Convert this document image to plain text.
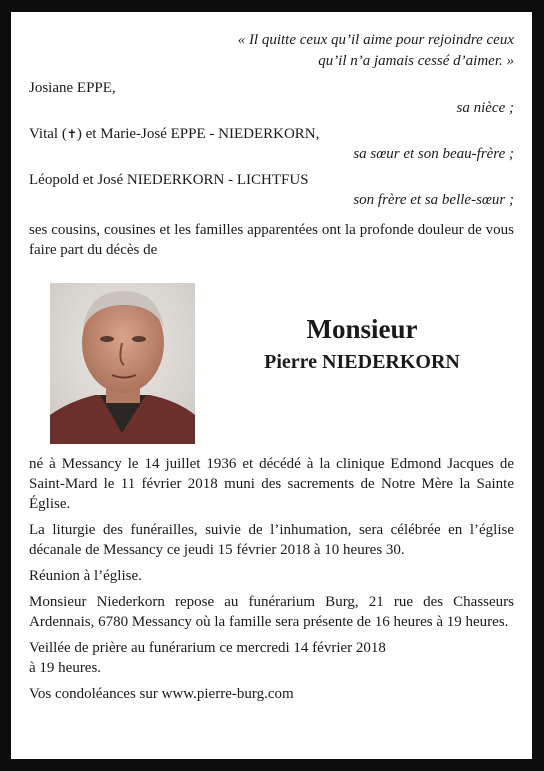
« Il quitte ceux qu’il aime pour rejoindre ceux
qu’il n’a jamais cessé d’aimer. »
Josiane EPPE,
sa nièce ;
Vital (✝) et Marie-José EPPE - NIEDERKORN,
sa sœur et son beau-frère ;
Léopold et José NIEDERKORN - LICHTFUS
son frère et sa belle-sœur ;
ses cousins, cousines et les familles apparentées ont la profonde douleur de vous faire part du décès de
Monsieur
Pierre NIEDERKORN

né à Messancy le 14 juillet 1936 et décédé à la clinique Edmond Jacques de Saint-Mard le 11 février 2018 muni des sacrements de Notre Mère la Sainte Église.

La liturgie des funérailles, suivie de l’inhumation, sera célébrée en l’église décanale de Messancy ce jeudi 15 février 2018 à 10 heures 30.

Réunion à l’église.

Monsieur Niederkorn repose au funérarium Burg, 21 rue des Chasseurs Ardennais, 6780 Messancy où la famille sera présente de 16 heures à 19 heures.

Veillée de prière au funérarium ce mercredi 14 février 2018
à 19 heures.

Vos condoléances sur www.pierre-burg.com
